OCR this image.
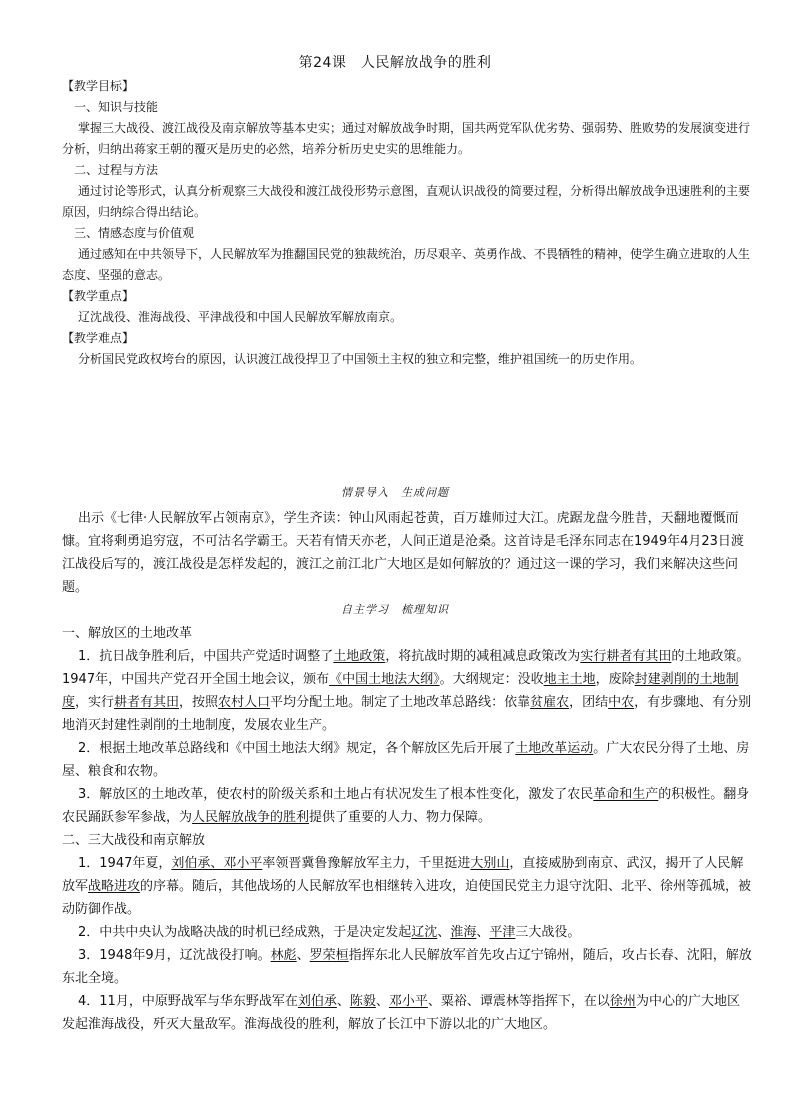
第24课　人民解放战争的胜利

【教学目标】

一、知识与技能

掌握三大战役、渡江战役及南京解放等基本史实；通过对解放战争时期，国共两党军队优劣势、强弱势、胜败势的发展演变进行分析，归纳出蒋家王朝的覆灭是历史的必然，培养分析历史史实的思维能力。

二、过程与方法

通过讨论等形式，认真分析观察三大战役和渡江战役形势示意图，直观认识战役的简要过程，分析得出解放战争迅速胜利的主要原因，归纳综合得出结论。

三、情感态度与价值观

通过感知在中共领导下，人民解放军为推翻国民党的独裁统治，历尽艰辛、英勇作战、不畏牺牲的精神，使学生确立进取的人生态度、坚强的意志。

【教学重点】

辽沈战役、淮海战役、平津战役和中国人民解放军解放南京。

【教学难点】

分析国民党政权垮台的原因，认识渡江战役捍卫了中国领土主权的独立和完整，维护祖国统一的历史作用。

情景导入　生成问题

出示《七律·人民解放军占领南京》，学生齐读：钟山风雨起苍黄，百万雄师过大江。虎踞龙盘今胜昔，天翻地覆慨而慷。宜将剩勇追穷寇，不可沽名学霸王。天若有情天亦老，人间正道是沧桑。这首诗是毛泽东同志在1949年4月23日渡江战役后写的，渡江战役是怎样发起的，渡江之前江北广大地区是如何解放的？通过这一课的学习，我们来解决这些问题。

自主学习　梳理知识

一、解放区的土地改革

1．抗日战争胜利后，中国共产党适时调整了土地政策，将抗战时期的减租减息政策改为实行耕者有其田的土地政策。1947年，中国共产党召开全国土地会议，颁布《中国土地法大纲》。大纲规定：没收地主土地，废除封建剥削的土地制度，实行耕者有其田，按照农村人口平均分配土地。制定了土地改革总路线：依靠贫雇农，团结中农，有步骤地、有分别地消灭封建性剥削的土地制度，发展农业生产。

2．根据土地改革总路线和《中国土地法大纲》规定，各个解放区先后开展了土地改革运动。广大农民分得了土地、房屋、粮食和农物。

3．解放区的土地改革，使农村的阶级关系和土地占有状况发生了根本性变化，激发了农民革命和生产的积极性。翻身农民踊跃参军参战，为人民解放战争的胜利提供了重要的人力、物力保障。

二、三大战役和南京解放

1．1947年夏，刘伯承、邓小平率领晋冀鲁豫解放军主力，千里挺进大别山，直接威胁到南京、武汉，揭开了人民解放军战略进攻的序幕。随后，其他战场的人民解放军也相继转入进攻，迫使国民党主力退守沈阳、北平、徐州等孤城，被动防御作战。

2．中共中央认为战略决战的时机已经成熟，于是决定发起辽沈、淮海、平津三大战役。

3．1948年9月，辽沈战役打响。林彪、罗荣桓指挥东北人民解放军首先攻占辽宁锦州，随后，攻占长春、沈阳，解放东北全境。

4．11月，中原野战军与华东野战军在刘伯承、陈毅、邓小平、粟裕、谭震林等指挥下，在以徐州为中心的广大地区发起淮海战役，歼灭大量敌军。淮海战役的胜利，解放了长江中下游以北的广大地区。
